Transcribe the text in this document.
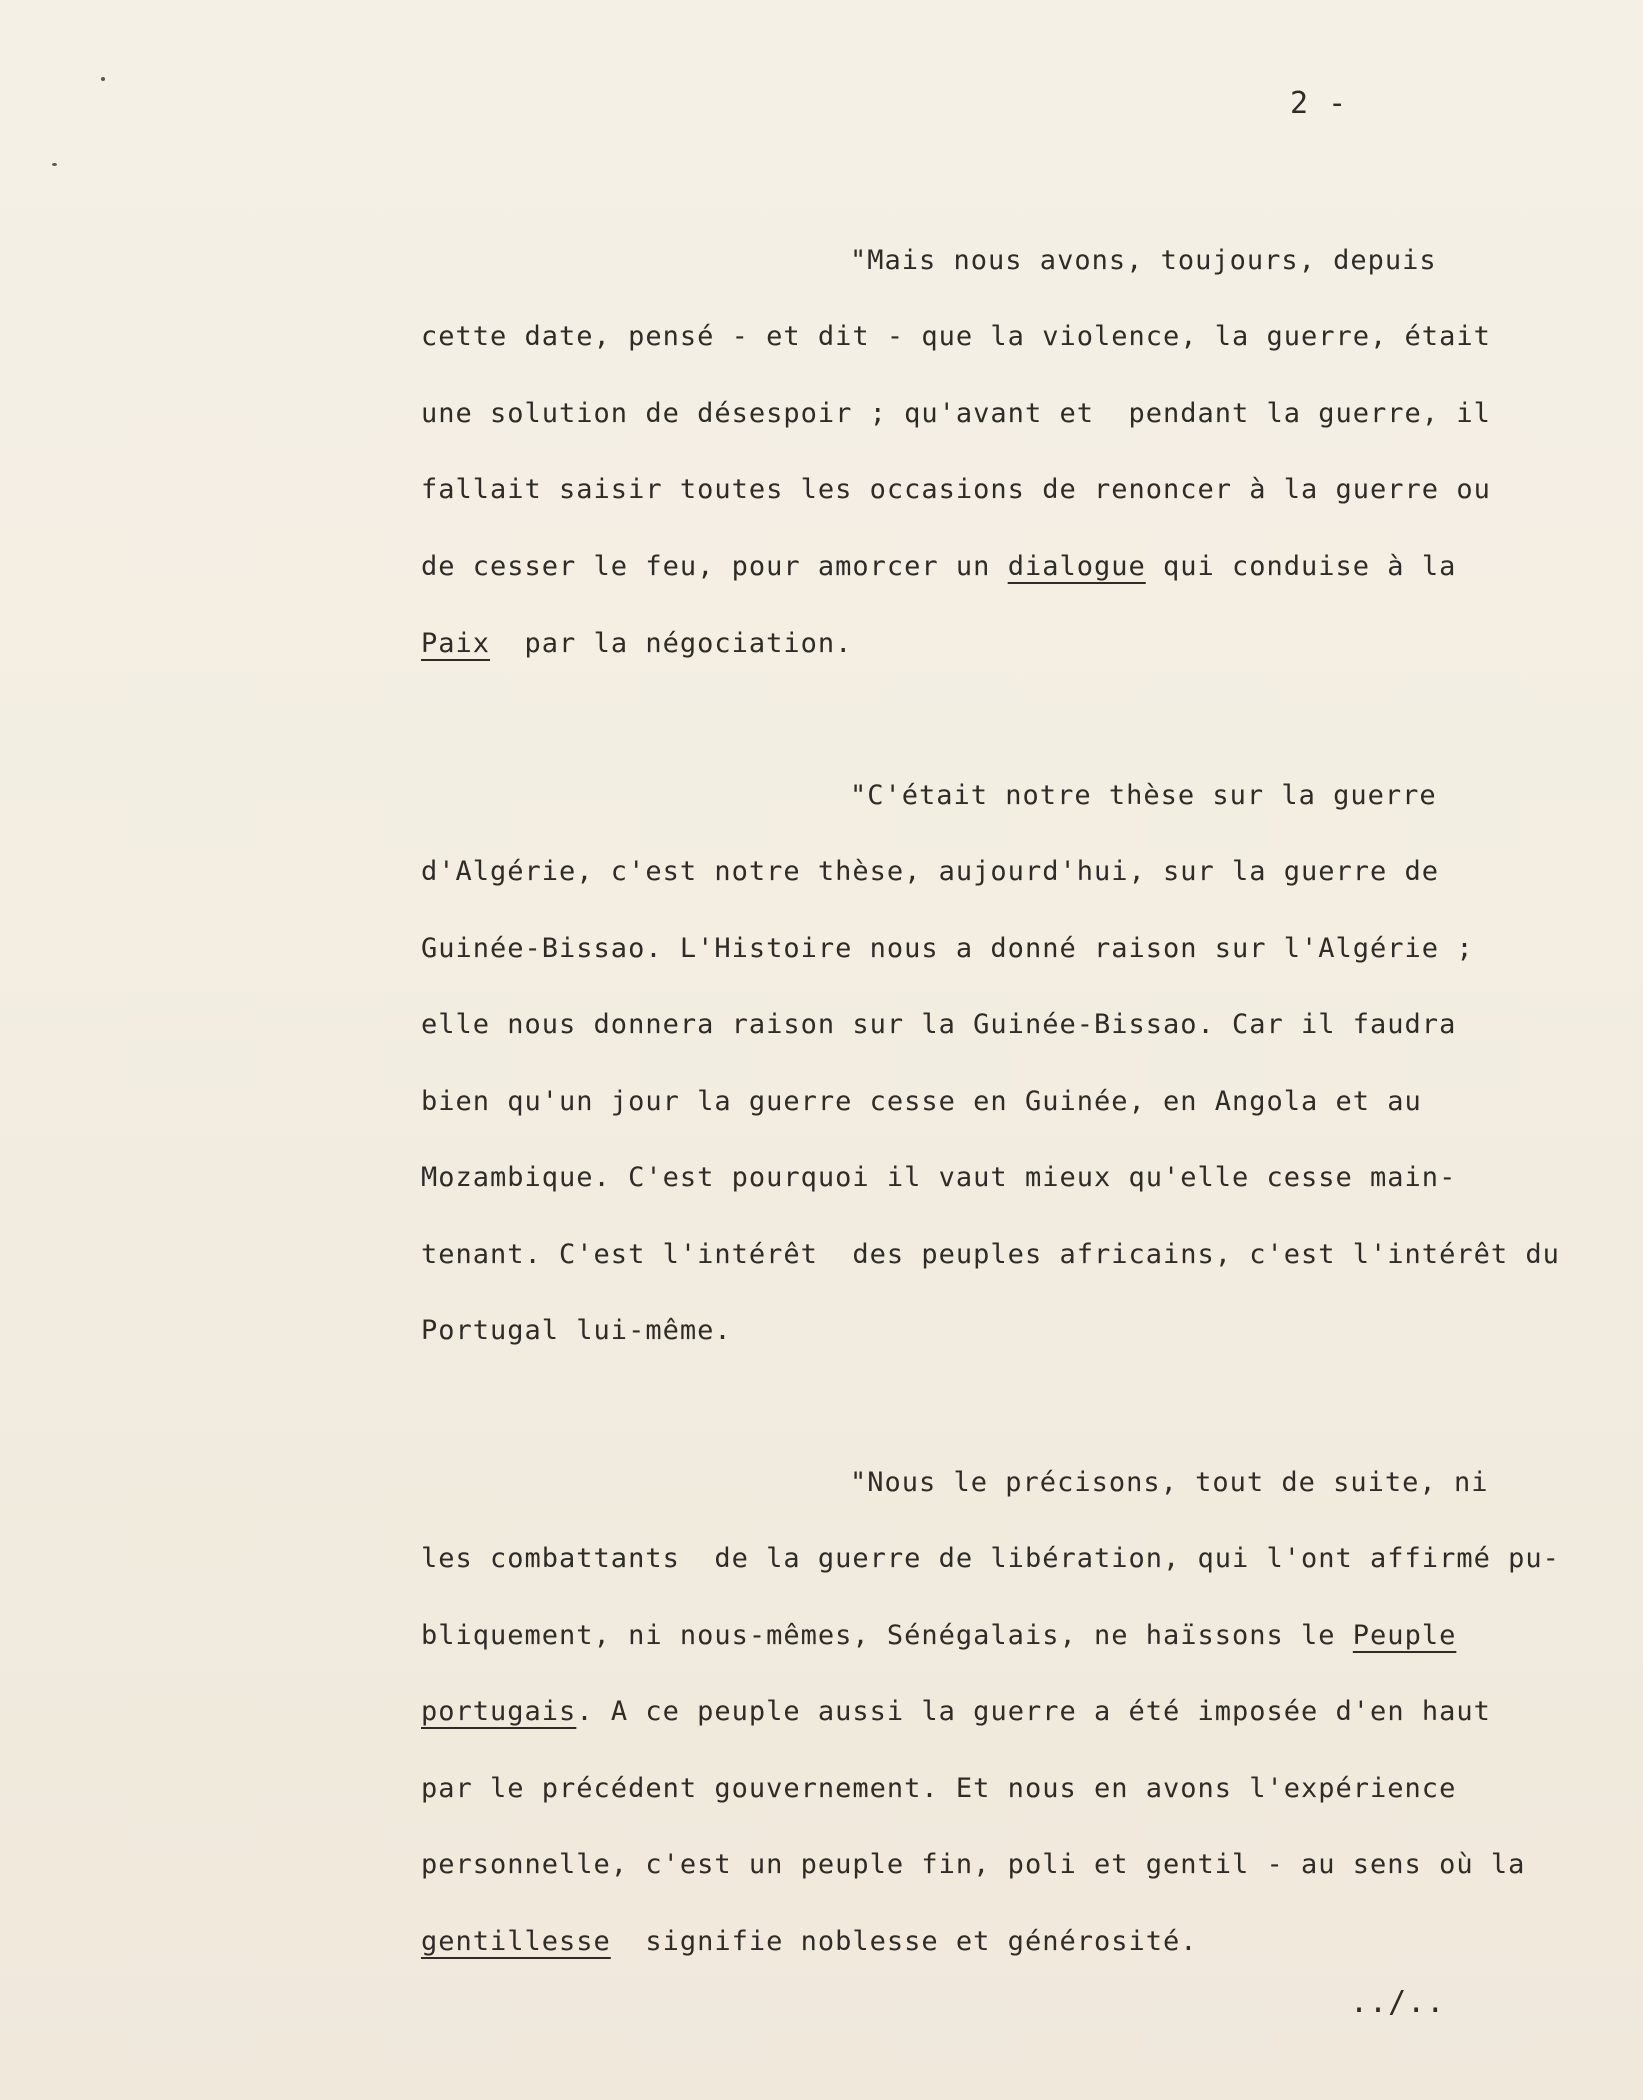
2 -
"Mais nous avons, toujours, depuis
cette date, pensé - et dit - que la violence, la guerre, était
une solution de désespoir ; qu'avant et  pendant la guerre, il
fallait saisir toutes les occasions de renoncer à la guerre ou
de cesser le feu, pour amorcer un dialogue qui conduise à la
Paix  par la négociation.
"C'était notre thèse sur la guerre
d'Algérie, c'est notre thèse, aujourd'hui, sur la guerre de
Guinée-Bissao. L'Histoire nous a donné raison sur l'Algérie ;
elle nous donnera raison sur la Guinée-Bissao. Car il faudra
bien qu'un jour la guerre cesse en Guinée, en Angola et au
Mozambique. C'est pourquoi il vaut mieux qu'elle cesse main-
tenant. C'est l'intérêt  des peuples africains, c'est l'intérêt du
Portugal lui-même.
"Nous le précisons, tout de suite, ni
les combattants  de la guerre de libération, qui l'ont affirmé pu-
bliquement, ni nous-mêmes, Sénégalais, ne haïssons le Peuple
portugais. A ce peuple aussi la guerre a été imposée d'en haut
par le précédent gouvernement. Et nous en avons l'expérience
personnelle, c'est un peuple fin, poli et gentil - au sens où la
gentillesse  signifie noblesse et générosité.
../..
